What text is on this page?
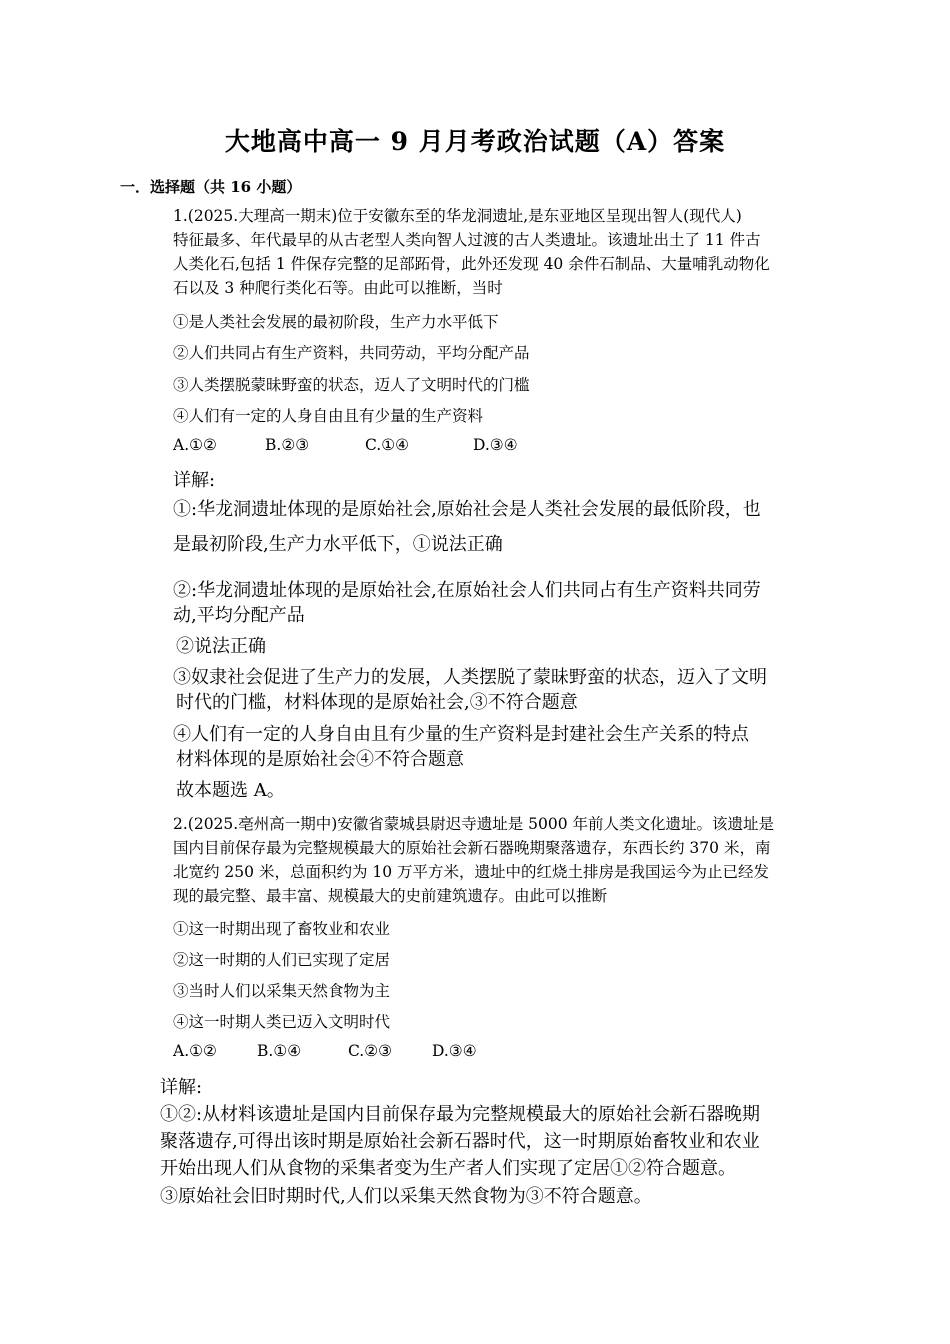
大地高中高一 9 月月考政治试题（A）答案
一．选择题（共 16 小题）
1.(2025.大理高一期末)位于安徽东至的华龙洞遗址,是东亚地区呈现出智人(现代人)
特征最多、年代最早的从古老型人类向智人过渡的古人类遗址。该遗址出土了 11 件古
人类化石,包括 1 件保存完整的足部跖骨，此外还发现 40 余件石制品、大量哺乳动物化
石以及 3 种爬行类化石等。由此可以推断，当时
①是人类社会发展的最初阶段，生产力水平低下
②人们共同占有生产资料，共同劳动，平均分配产品
③人类摆脱蒙昧野蛮的状态，迈人了文明时代的门槛
④人们有一定的人身自由且有少量的生产资料
A.①②	B.②③	C.①④	D.③④
详解:
①:华龙洞遗址体现的是原始社会,原始社会是人类社会发展的最低阶段，也
是最初阶段,生产力水平低下，①说法正确
②:华龙洞遗址体现的是原始社会,在原始社会人们共同占有生产资料共同劳
动,平均分配产品
②说法正确
③奴隶社会促进了生产力的发展，人类摆脱了蒙昧野蛮的状态，迈入了文明
时代的门槛，材料体现的是原始社会,③不符合题意
④人们有一定的人身自由且有少量的生产资料是封建社会生产关系的特点
材料体现的是原始社会④不符合题意
故本题选 A。
2.(2025.亳州高一期中)安徽省蒙城县尉迟寺遗址是 5000 年前人类文化遗址。该遗址是
国内目前保存最为完整规模最大的原始社会新石器晚期聚落遗存，东西长约 370 米，南
北宽约 250 米，总面积约为 10 万平方米，遗址中的红烧土排房是我国运今为止已经发
现的最完整、最丰富、规模最大的史前建筑遗存。由此可以推断
①这一时期出现了畜牧业和农业
②这一时期的人们已实现了定居
③当时人们以采集天然食物为主
④这一时期人类已迈入文明时代
A.①②	B.①④	C.②③	D.③④
详解:
①②:从材料该遗址是国内目前保存最为完整规模最大的原始社会新石器晚期
聚落遗存,可得出该时期是原始社会新石器时代，这一时期原始畜牧业和农业
开始出现人们从食物的采集者变为生产者人们实现了定居①②符合题意。
③原始社会旧时期时代,人们以采集天然食物为③不符合题意。
